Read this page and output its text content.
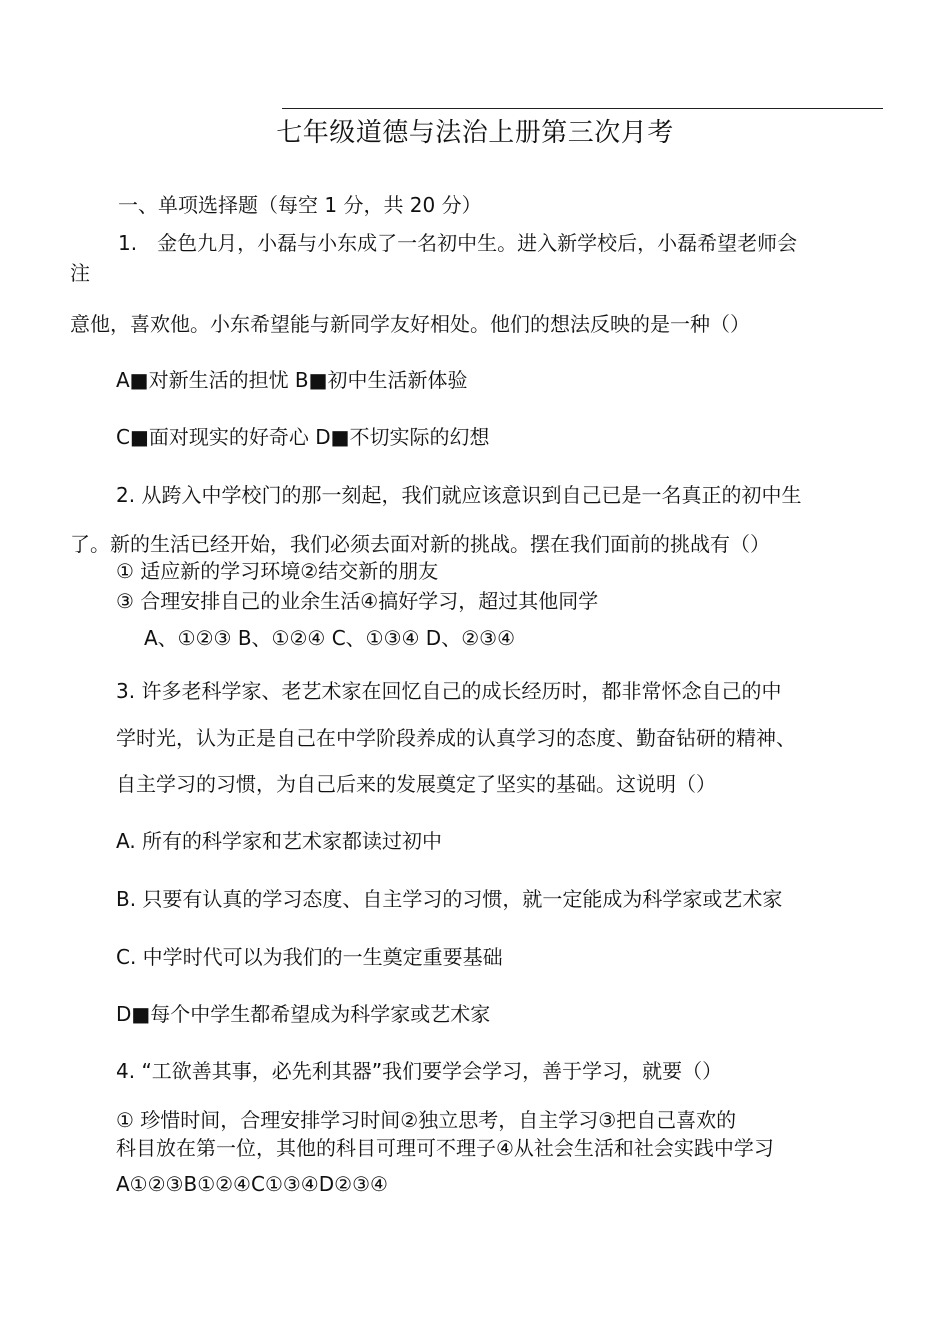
七年级道德与法治上册第三次月考
一、单项选择题（每空 1 分，共 20 分）
1.　金色九月，小磊与小东成了一名初中生。进入新学校后，小磊希望老师会
注
意他，喜欢他。小东希望能与新同学友好相处。他们的想法反映的是一种（）
A■对新生活的担忧 B■初中生活新体验
C■面对现实的好奇心 D■不切实际的幻想
2. 从跨入中学校门的那一刻起，我们就应该意识到自己已是一名真正的初中生
了。新的生活已经开始，我们必须去面对新的挑战。摆在我们面前的挑战有（）
① 适应新的学习环境②结交新的朋友
③ 合理安排自己的业余生活④搞好学习，超过其他同学
A、①②③ B、①②④ C、①③④ D、②③④
3. 许多老科学家、老艺术家在回忆自己的成长经历时，都非常怀念自己的中
学时光，认为正是自己在中学阶段养成的认真学习的态度、勤奋钻研的精神、
自主学习的习惯，为自己后来的发展奠定了坚实的基础。这说明（）
A. 所有的科学家和艺术家都读过初中
B. 只要有认真的学习态度、自主学习的习惯，就一定能成为科学家或艺术家
C. 中学时代可以为我们的一生奠定重要基础
D■每个中学生都希望成为科学家或艺术家
4. “工欲善其事，必先利其器”我们要学会学习，善于学习，就要（）
① 珍惜时间，合理安排学习时间②独立思考，自主学习③把自己喜欢的
科目放在第一位，其他的科目可理可不理子④从社会生活和社会实践中学习
A①②③B①②④C①③④D②③④
